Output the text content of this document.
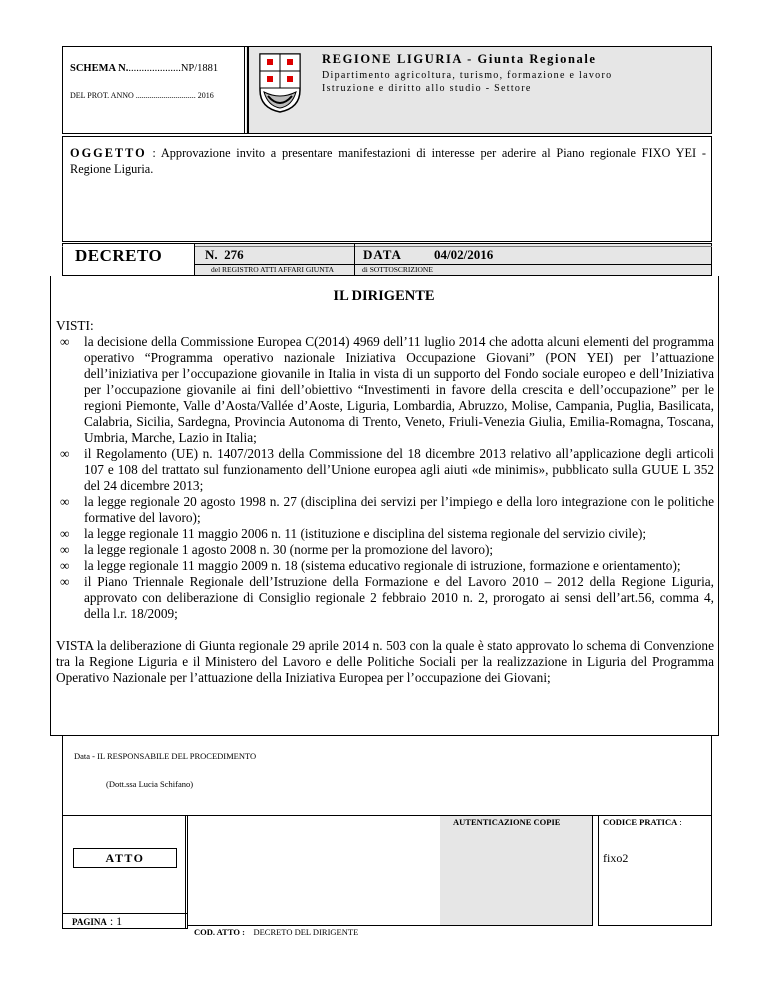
SCHEMA N.....................NP/1881
DEL PROT. ANNO .............................. 2016
REGIONE LIGURIA - Giunta Regionale
Dipartimento agricoltura, turismo, formazione e lavoro
Istruzione e diritto allo studio - Settore
OGGETTO : Approvazione invito a presentare manifestazioni di interesse per aderire al Piano regionale FIXO YEI - Regione Liguria.
DECRETO	N.  276
del REGISTRO ATTI AFFARI GIUNTA
DATA 04/02/2016
di SOTTOSCRIZIONE
IL DIRIGENTE
VISTI:
∞ la decisione della Commissione Europea C(2014) 4969 dell’11 luglio 2014 che adotta alcuni elementi del programma operativo “Programma operativo nazionale Iniziativa Occupazione Giovani” (PON YEI) per l’attuazione dell’iniziativa per l’occupazione giovanile in Italia in vista di un supporto del Fondo sociale europeo e dell’Iniziativa per l’occupazione giovanile ai fini dell’obiettivo “Investimenti in favore della crescita e dell’occupazione” per le regioni Piemonte, Valle d’Aosta/Vallée d’Aoste, Liguria, Lombardia, Abruzzo, Molise, Campania, Puglia, Basilicata, Calabria, Sicilia, Sardegna, Provincia Autonoma di Trento, Veneto, Friuli-Venezia Giulia, Emilia-Romagna, Toscana, Umbria, Marche, Lazio in Italia;
∞ il Regolamento (UE) n. 1407/2013 della Commissione del 18 dicembre 2013 relativo all’applicazione degli articoli 107 e 108 del trattato sul funzionamento dell’Unione europea agli aiuti «de minimis», pubblicato sulla GUUE L 352 del 24 dicembre 2013;
∞ la legge regionale 20 agosto 1998 n. 27 (disciplina dei servizi per l’impiego e della loro integrazione con le politiche formative del lavoro);
∞ la legge regionale 11 maggio 2006 n. 11 (istituzione e disciplina del sistema regionale del servizio civile);
∞ la legge regionale 1 agosto 2008 n. 30 (norme per la promozione del lavoro);
∞ la legge regionale 11 maggio 2009 n. 18 (sistema educativo regionale di istruzione, formazione e orientamento);
∞ il Piano Triennale Regionale dell’Istruzione della Formazione e del Lavoro 2010 – 2012 della Regione Liguria, approvato con deliberazione di Consiglio regionale 2 febbraio 2010 n. 2, prorogato ai sensi dell’art.56, comma 4, della l.r. 18/2009;
VISTA la deliberazione di Giunta regionale 29 aprile 2014 n. 503 con la quale è stato approvato lo schema di Convenzione tra la Regione Liguria e il Ministero del Lavoro e delle Politiche Sociali per la realizzazione in Liguria del Programma Operativo Nazionale per l’attuazione della Iniziativa Europea per l’occupazione dei Giovani;
Data - IL RESPONSABILE DEL PROCEDIMENTO
(Dott.ssa Lucia Schifano)
ATTO
PAGINA : 1
AUTENTICAZIONE COPIE	CODICE PRATICA :
fixo2
COD. ATTO : DECRETO DEL DIRIGENTE
